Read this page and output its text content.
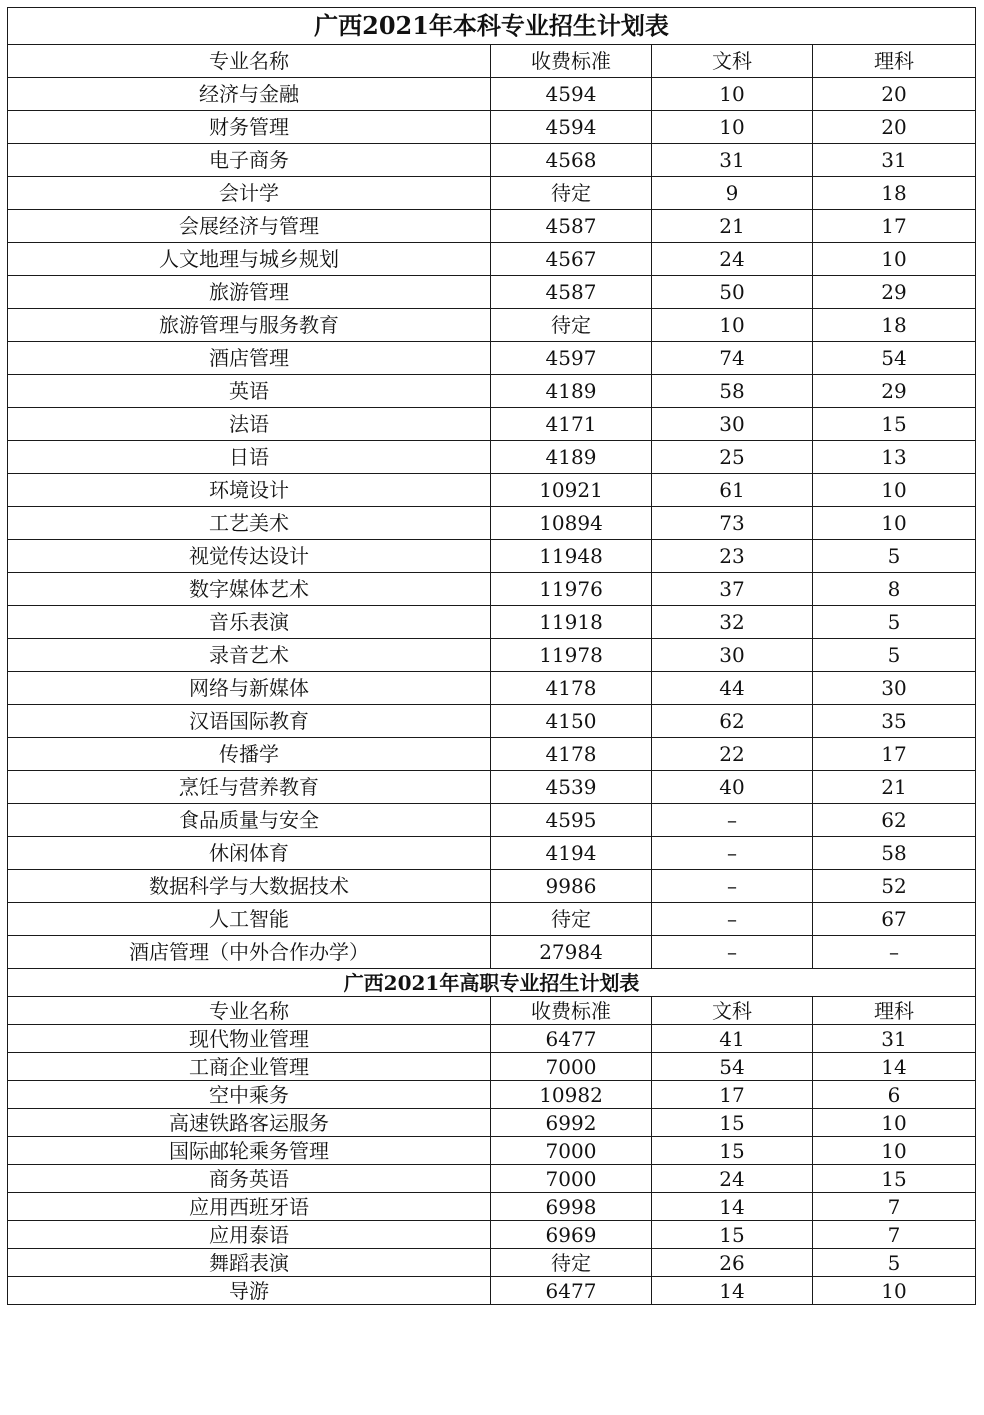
广西2021年本科专业招生计划表			
专业名称	收费标准	文科	理科
经济与金融	4594	10	20
财务管理	4594	10	20
电子商务	4568	31	31
会计学	待定	9	18
会展经济与管理	4587	21	17
人文地理与城乡规划	4567	24	10
旅游管理	4587	50	29
旅游管理与服务教育	待定	10	18
酒店管理	4597	74	54
英语	4189	58	29
法语	4171	30	15
日语	4189	25	13
环境设计	10921	61	10
工艺美术	10894	73	10
视觉传达设计	11948	23	5
数字媒体艺术	11976	37	8
音乐表演	11918	32	5
录音艺术	11978	30	5
网络与新媒体	4178	44	30
汉语国际教育	4150	62	35
传播学	4178	22	17
烹饪与营养教育	4539	40	21
食品质量与安全	4595	–	62
休闲体育	4194	–	58
数据科学与大数据技术	9986	–	52
人工智能	待定	–	67
酒店管理（中外合作办学）	27984	–	–
广西2021年高职专业招生计划表			
专业名称	收费标准	文科	理科
现代物业管理	6477	41	31
工商企业管理	7000	54	14
空中乘务	10982	17	6
高速铁路客运服务	6992	15	10
国际邮轮乘务管理	7000	15	10
商务英语	7000	24	15
应用西班牙语	6998	14	7
应用泰语	6969	15	7
舞蹈表演	待定	26	5
导游	6477	14	10
